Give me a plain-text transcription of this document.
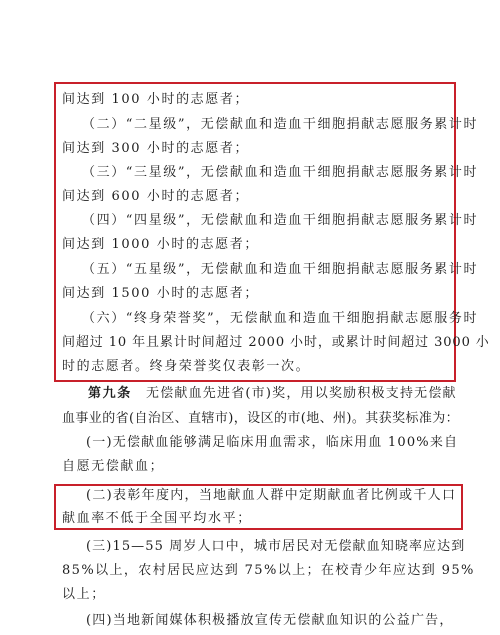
间达到 100 小时的志愿者；
（二）“二星级”，无偿献血和造血干细胞捐献志愿服务累计时
间达到 300 小时的志愿者；
（三）“三星级”，无偿献血和造血干细胞捐献志愿服务累计时
间达到 600 小时的志愿者；
（四）“四星级”，无偿献血和造血干细胞捐献志愿服务累计时
间达到 1000 小时的志愿者；
（五）“五星级”，无偿献血和造血干细胞捐献志愿服务累计时
间达到 1500 小时的志愿者；
（六）“终身荣誉奖”，无偿献血和造血干细胞捐献志愿服务时
间超过 10 年且累计时间超过 2000 小时，或累计时间超过 3000 小
时的志愿者。终身荣誉奖仅表彰一次。
第九条 无偿献血先进省(市)奖，用以奖励积极支持无偿献
血事业的省(自治区、直辖市)，设区的市(地、州)。其获奖标准为：
(一)无偿献血能够满足临床用血需求，临床用血 100%来自
自愿无偿献血；
(二)表彰年度内，当地献血人群中定期献血者比例或千人口
献血率不低于全国平均水平；
(三)15—55 周岁人口中，城市居民对无偿献血知晓率应达到
85%以上，农村居民应达到 75%以上；在校青少年应达到 95%
以上；
(四)当地新闻媒体积极播放宣传无偿献血知识的公益广告，
